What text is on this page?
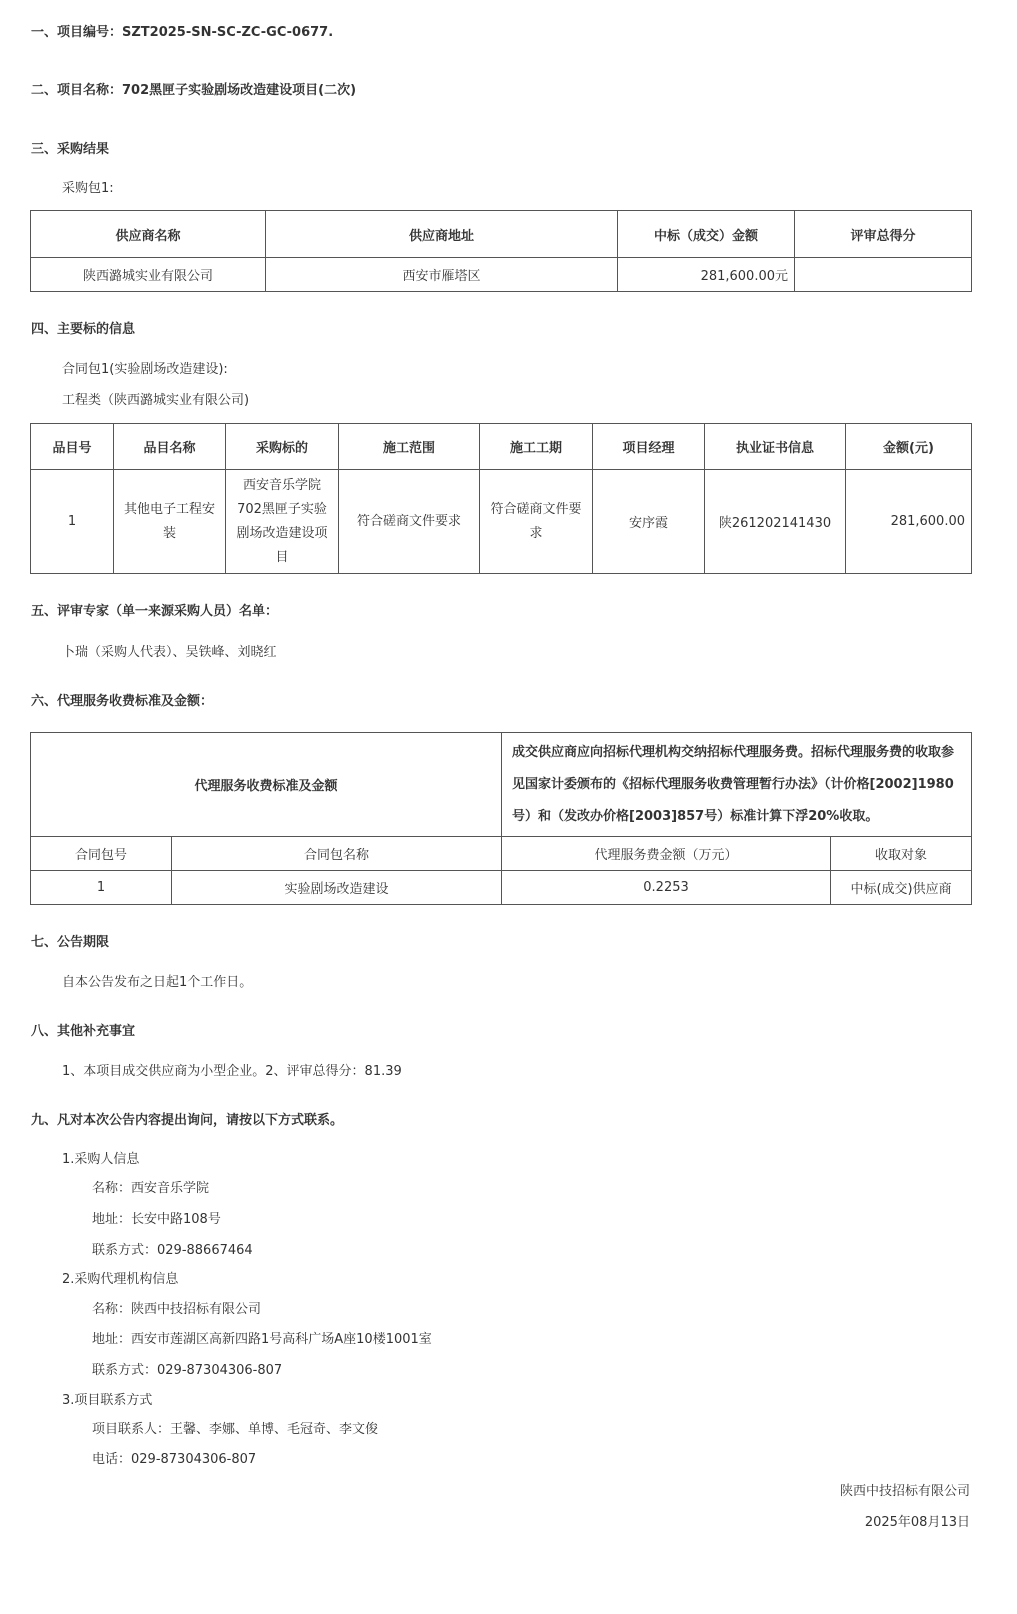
一、项目编号：SZT2025-SN-SC-ZC-GC-0677.
二、项目名称：702黑匣子实验剧场改造建设项目(二次)
三、采购结果
采购包1:
供应商名称	供应商地址	中标（成交）金额	评审总得分
陕西潞城实业有限公司	西安市雁塔区	281,600.00元	
四、主要标的信息
合同包1(实验剧场改造建设):
工程类（陕西潞城实业有限公司)
品目号	品目名称	采购标的	施工范围	施工工期	项目经理	执业证书信息	金额(元)
1	其他电子工程安装	西安音乐学院702黑匣子实验剧场改造建设项目	符合磋商文件要求	符合磋商文件要求	安序霞	陕261202141430	281,600.00
五、评审专家（单一来源采购人员）名单：
卜瑞（采购人代表）、吴铁峰、刘晓红
六、代理服务收费标准及金额：
代理服务收费标准及金额		成交供应商应向招标代理机构交纳招标代理服务费。招标代理服务费的收取参见国家计委颁布的《招标代理服务收费管理暂行办法》（计价格[2002]1980号）和（发改办价格[2003]857号）标准计算下浮20%收取。	
合同包号	合同包名称	代理服务费金额（万元）	收取对象
1	实验剧场改造建设	0.2253	中标(成交)供应商
七、公告期限
自本公告发布之日起1个工作日。
八、其他补充事宜
1、本项目成交供应商为小型企业。2、评审总得分：81.39
九、凡对本次公告内容提出询问，请按以下方式联系。
1.采购人信息
名称：西安音乐学院
地址：长安中路108号
联系方式：029-88667464
2.采购代理机构信息
名称：陕西中技招标有限公司
地址：西安市莲湖区高新四路1号高科广场A座10楼1001室
联系方式：029-87304306-807
3.项目联系方式
项目联系人：王馨、李娜、单博、毛冠奇、李文俊
电话：029-87304306-807
陕西中技招标有限公司
2025年08月13日
